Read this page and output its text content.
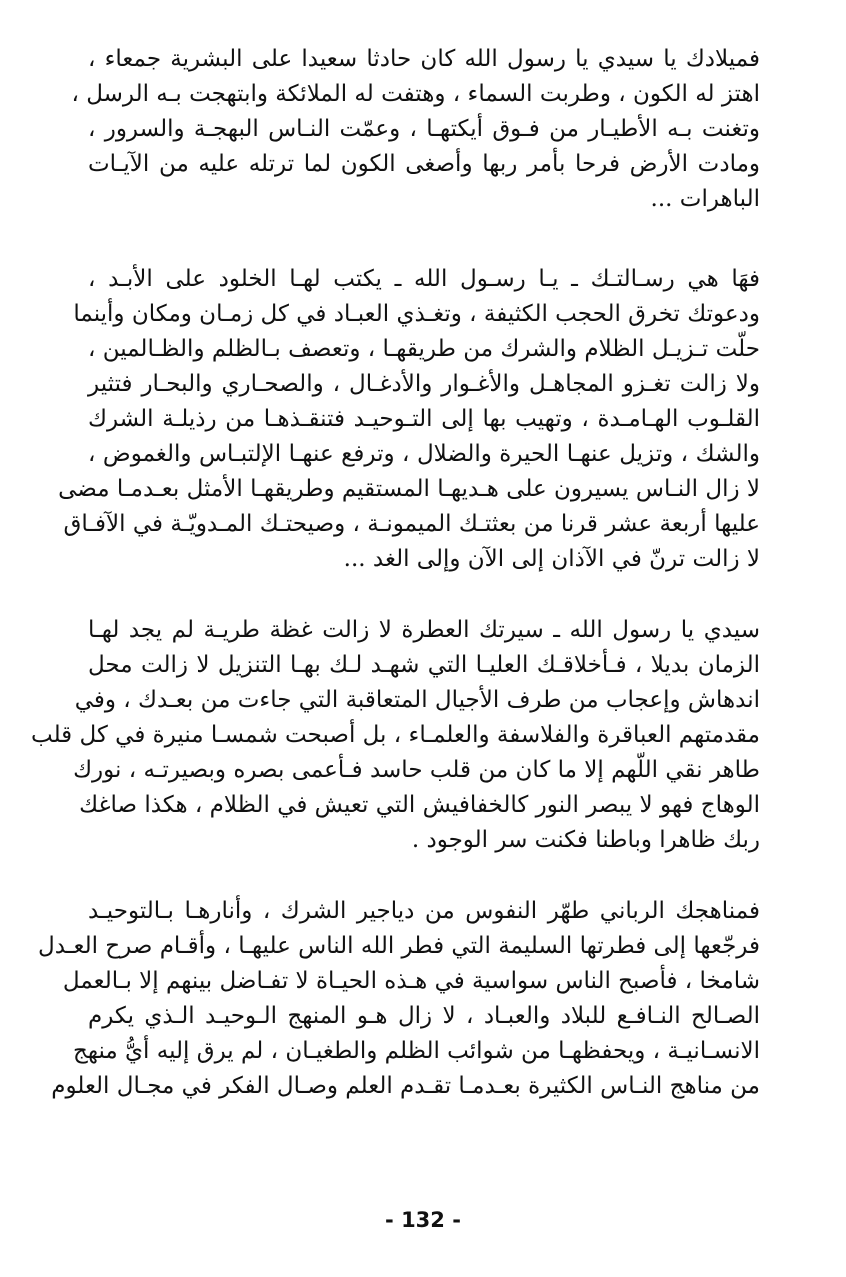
فميلادك يا سيدي يا رسول الله كان حادثا سعيدا على البشرية جمعاء ،
اهتز له الكون ، وطربت السماء ، وهتفت له الملائكة وابتهجت بـه الرسل ،
وتغنت بـه الأطيـار من فـوق أيكتهـا ، وعمّت النـاس البهجـة والسرور ،
ومادت الأرض فرحا بأمر ربها وأصغى الكون لما ترتله عليه من الآيـات
الباهرات ...
فهَا هي رسـالتـك ـ يـا رسـول الله ـ يكتب لهـا الخلود على الأبـد ،
ودعوتك تخرق الحجب الكثيفة ، وتغـذي العبـاد في كل زمـان ومكان وأينما
حلّت تـزيـل الظلام والشرك من طريقهـا ، وتعصف بـالظلم والظـالمين ،
ولا زالت تغـزو المجاهـل والأغـوار والأدغـال ، والصحـاري والبحـار فتثير
القلـوب الهـامـدة ، وتهيب بها إلى التـوحيـد فتنقـذهـا من رذيلـة الشرك
والشك ، وتزيل عنهـا الحيرة والضلال ، وترفع عنهـا الإلتبـاس والغموض ،
لا زال النـاس يسيرون على هـديهـا المستقيم وطريقهـا الأمثل بعـدمـا مضى
عليها أربعة عشر قرنا من بعثتـك الميمونـة ، وصيحتـك المـدويّـة في الآفـاق
لا زالت ترنّ في الآذان إلى الآن وإلى الغد ...
سيدي يا رسول الله ـ سيرتك العطرة لا زالت غظة طريـة لم يجد لهـا
الزمان بديلا ، فـأخلاقـك العليـا التي شهـد لـك بهـا التنزيل لا زالت محل
اندهاش وإعجاب من طرف الأجيال المتعاقبة التي جاءت من بعـدك ، وفي
مقدمتهم العباقرة والفلاسفة والعلمـاء ، بل أصبحت شمسـا منيرة في كل قلب
طاهر نقي اللّهم إلا ما كان من قلب حاسد فـأعمى بصره وبصيرتـه ، نورك
الوهاج فهو لا يبصر النور كالخفافيش التي تعيش في الظلام ، هكذا صاغك
ربك ظاهرا وباطنا فكنت سر الوجود .
فمناهجك الرباني طهّر النفوس من دياجير الشرك ، وأنارهـا بـالتوحيـد
فرجّعها إلى فطرتها السليمة التي فطر الله الناس عليهـا ، وأقـام صرح العـدل
شامخا ، فأصبح الناس سواسية في هـذه الحيـاة لا تفـاضل بينهم إلا بـالعمل
الصـالح النـافـع للبلاد والعبـاد ، لا زال هـو المنهج الـوحيـد الـذي يكرم
الانسـانيـة ، ويحفظهـا من شوائب الظلم والطغيـان ، لم يرق إليه أيُّ منهج
من مناهج النـاس الكثيرة بعـدمـا تقـدم العلم وصـال الفكر في مجـال العلوم
- 132 -
